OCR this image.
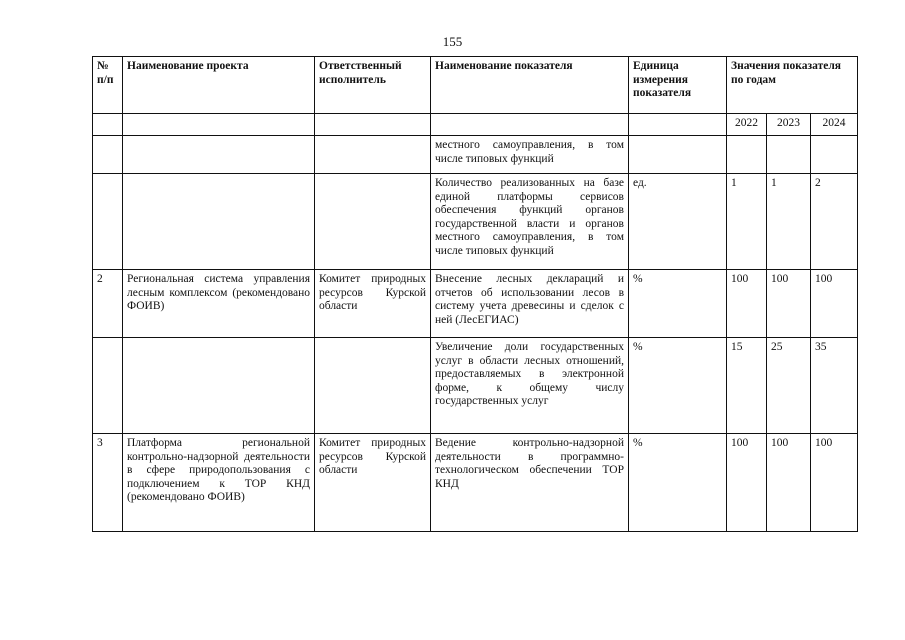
155
№ п/п	Наименование проекта	Ответственный исполнитель	Наименование показателя	Единица измерения показателя	Значения показателя по годам		
					2022	2023	2024
			местного самоуправления, в том числе типовых функций				
			Количество реализованных на базе единой платформы сервисов обеспечения функций органов государственной власти и органов местного самоуправления, в том числе типовых функций	ед.	1	1	2
2	Региональная система управления лесным комплексом (рекомендовано ФОИВ)	Комитет природных ресурсов Курской области	Внесение лесных деклараций и отчетов об использовании лесов в систему учета древесины и сделок с ней (ЛесЕГИАС)	%	100	100	100
			Увеличение доли государственных услуг в области лесных отношений, предоставляемых в электронной форме, к общему числу государственных услуг	%	15	25	35
3	Платформа региональной контрольно-надзорной деятельности в сфере природопользования с подключением к ТОР КНД (рекомендовано ФОИВ)	Комитет природных ресурсов Курской области	Ведение контрольно-надзорной деятельности в программно-технологическом обеспечении ТОР КНД	%	100	100	100
